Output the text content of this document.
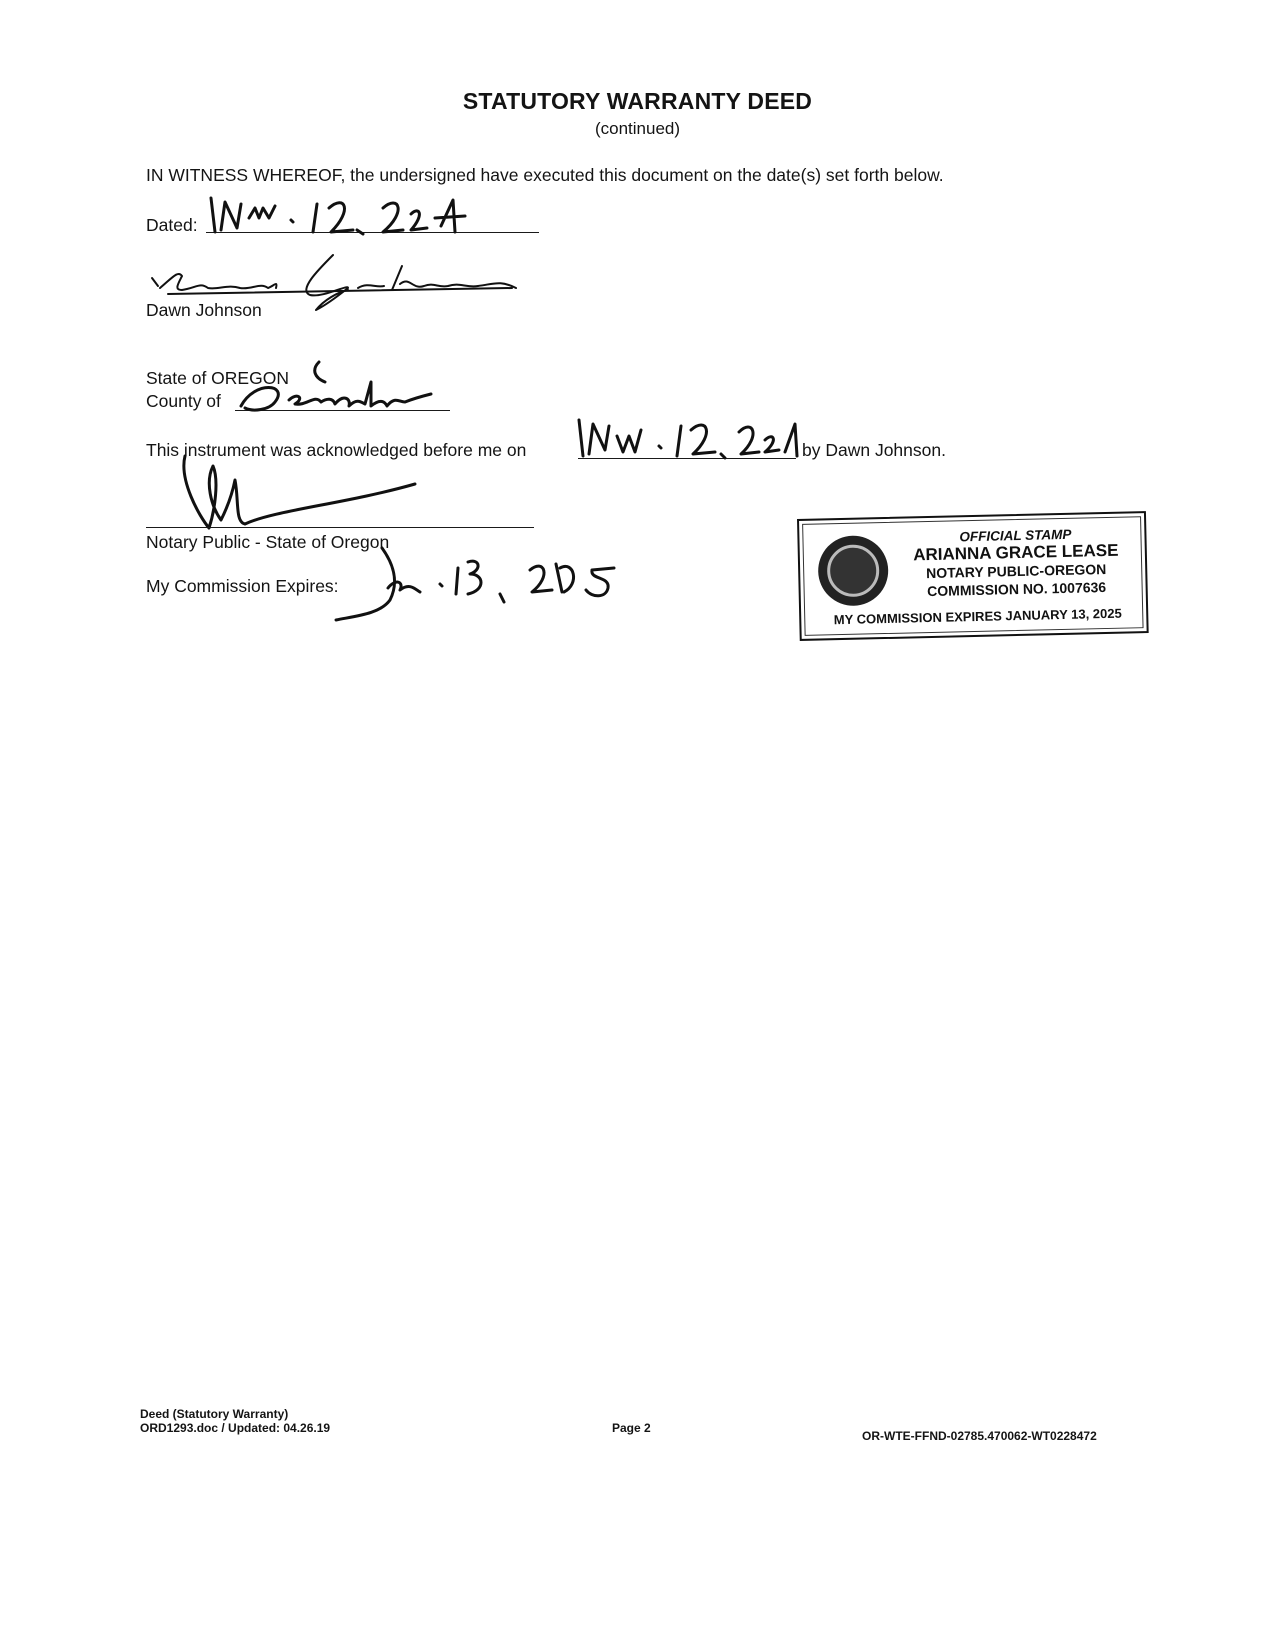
STATUTORY WARRANTY DEED
(continued)
IN WITNESS WHEREOF, the undersigned have executed this document on the date(s) set forth below.
Dated:
Dawn Johnson
State of OREGON
County of
This instrument was acknowledged before me on	by Dawn Johnson.
Notary Public - State of Oregon
My Commission Expires:
OFFICIAL STAMP
ARIANNA GRACE LEASE
NOTARY PUBLIC-OREGON
COMMISSION NO. 1007636
MY COMMISSION EXPIRES JANUARY 13, 2025
Deed (Statutory Warranty)
ORD1293.doc / Updated: 04.26.19	Page 2
OR-WTE-FFND-02785.470062-WT0228472
